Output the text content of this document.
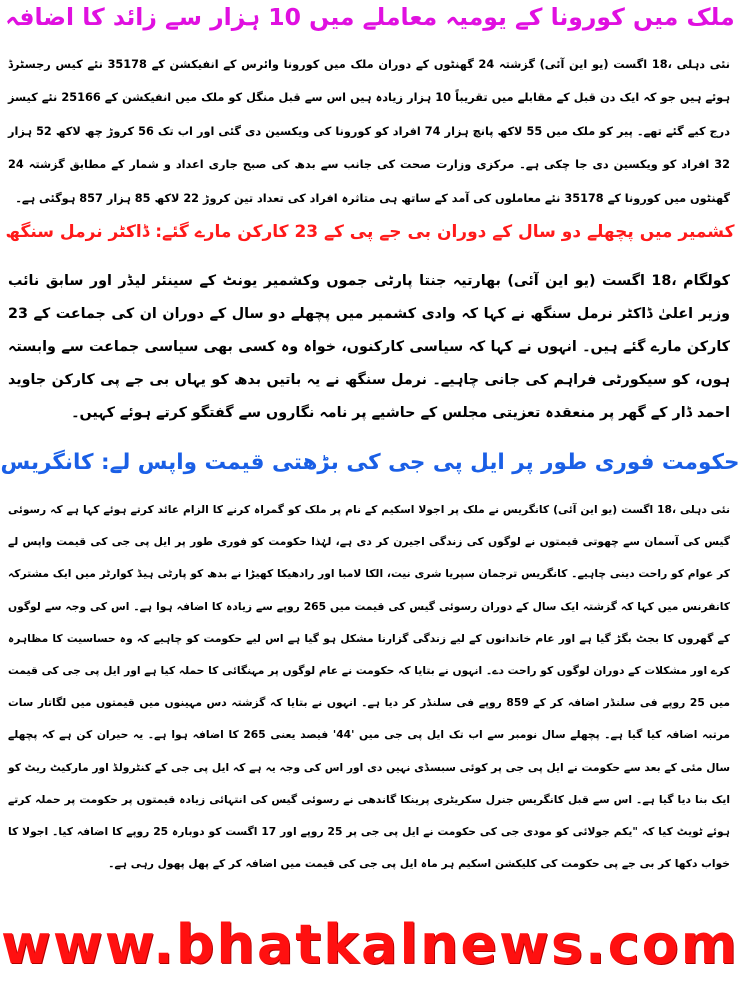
ملک میں کورونا کے یومیہ معاملے میں 10 ہزار سے زائد کا اضافہ

نئی دہلی ،18 اگست (یو این آئی) گزشتہ 24 گھنٹوں کے دوران ملک میں کورونا وائرس کے انفیکشن کے 35178 نئے کیس رجسٹرڈ ہوئے ہیں جو کہ ایک دن قبل کے مقابلے میں تقریباً 10 ہزار زیادہ ہیں اس سے قبل منگل کو ملک میں انفیکشن کے 25166 نئے کیسز درج کیے گئے تھے۔ پیر کو ملک میں 55 لاکھ پانچ ہزار 74 افراد کو کورونا کی ویکسین دی گئی اور اب تک 56 کروڑ چھ لاکھ 52 ہزار 32 افراد کو ویکسین دی جا چکی ہے۔ مرکزی وزارت صحت کی جانب سے بدھ کی صبح جاری اعداد و شمار کے مطابق گزشتہ 24 گھنٹوں میں کورونا کے 35178 نئے معاملوں کی آمد کے ساتھ ہی متاثرہ افراد کی تعداد تین کروڑ 22 لاکھ 85 ہزار 857 ہوگئی ہے۔

کشمیر میں پچھلے دو سال کے دوران بی جے پی کے 23 کارکن مارے گئے: ڈاکٹر نرمل سنگھ

کولگام ،18 اگست (یو این آئی) بھارتیہ جنتا پارٹی جموں وکشمیر یونٹ کے سینئر لیڈر اور سابق نائب وزیر اعلیٰ ڈاکٹر نرمل سنگھ نے کہا کہ وادی کشمیر میں پچھلے دو سال کے دوران ان کی جماعت کے 23 کارکن مارے گئے ہیں۔ انہوں نے کہا کہ سیاسی کارکنوں، خواہ وہ کسی بھی سیاسی جماعت سے وابستہ ہوں، کو سیکورٹی فراہم کی جانی چاہیے۔ نرمل سنگھ نے یہ باتیں بدھ کو یہاں بی جے پی کارکن جاوید احمد ڈار کے گھر پر منعقدہ تعزیتی مجلس کے حاشیے پر نامہ نگاروں سے گفتگو کرتے ہوئے کہیں۔

حکومت فوری طور پر ایل پی جی کی بڑھتی قیمت واپس لے: کانگریس

نئی دہلی ،18 اگست (یو این آئی) کانگریس نے ملک پر اجولا اسکیم کے نام پر ملک کو گمراہ کرنے کا الزام عائد کرتے ہوئے کہا ہے کہ رسوئی گیس کی آسمان سے چھوتی قیمتوں نے لوگوں کی زندگی اجیرن کر دی ہے، لہٰذا حکومت کو فوری طور پر ایل پی جی کی قیمت واپس لے کر عوام کو راحت دینی چاہیے۔ کانگریس ترجمان سپریا شری نیت، الکا لامبا اور رادھیکا کھیڑا نے بدھ کو پارٹی ہیڈ کوارٹر میں ایک مشترکہ کانفرنس میں کہا کہ گزشتہ ایک سال کے دوران رسوئی گیس کی قیمت میں 265 روپے سے زیادہ کا اضافہ ہوا ہے۔ اس کی وجہ سے لوگوں کے گھروں کا بجٹ بگڑ گیا ہے اور عام خاندانوں کے لیے زندگی گزارنا مشکل ہو گیا ہے اس لیے حکومت کو چاہیے کہ وہ حساسیت کا مظاہرہ کرے اور مشکلات کے دوران لوگوں کو راحت دے۔ انہوں نے بتایا کہ حکومت نے عام لوگوں پر مہنگائی کا حملہ کیا ہے اور ایل پی جی کی قیمت میں 25 روپے فی سلنڈر اضافہ کر کے 859 روپے فی سلنڈر کر دیا ہے۔ انہوں نے بتایا کہ گزشتہ دس مہینوں میں قیمتوں میں لگاتار سات مرتبہ اضافہ کیا گیا ہے۔ پچھلے سال نومبر سے اب تک ایل پی جی میں '44' فیصد یعنی 265 کا اضافہ ہوا ہے۔ یہ حیران کن ہے کہ پچھلے سال مئی کے بعد سے حکومت نے ایل پی جی پر کوئی سبسڈی نہیں دی اور اس کی وجہ یہ ہے کہ ایل پی جی کے کنٹرولڈ اور مارکیٹ ریٹ کو ایک بنا دیا گیا ہے۔ اس سے قبل کانگریس جنرل سکریٹری پرینکا گاندھی نے رسوئی گیس کی انتہائی زیادہ قیمتوں پر حکومت پر حملہ کرتے ہوئے ٹویٹ کیا کہ "یکم جولائی کو مودی جی کی حکومت نے ایل پی جی پر 25 روپے اور 17 اگست کو دوبارہ 25 روپے کا اضافہ کیا۔ اجولا کا خواب دکھا کر بی جے پی حکومت کی کلیکشن اسکیم ہر ماہ ایل پی جی کی قیمت میں اضافہ کر کے پھل پھول رہی ہے۔

www.bhatkalnews.com
